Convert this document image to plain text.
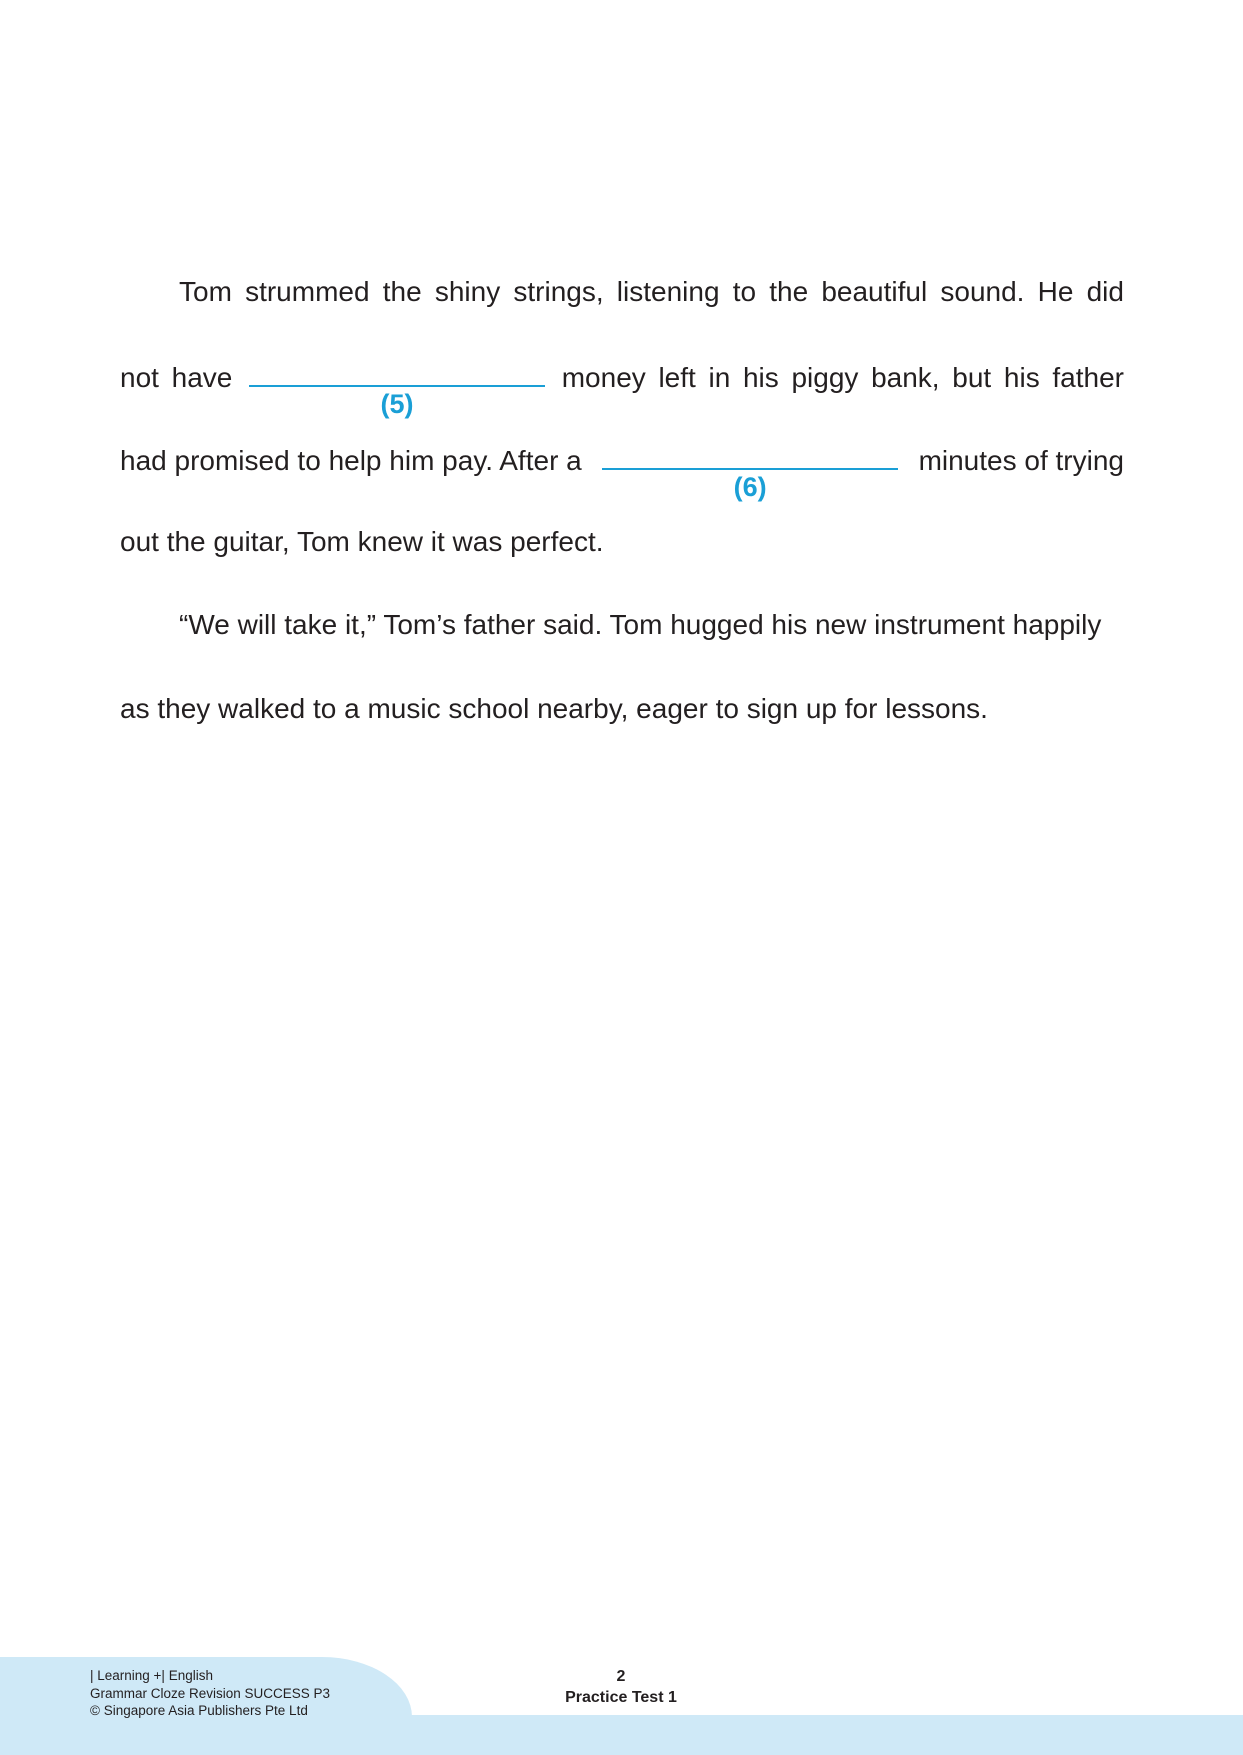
Tom strummed the shiny strings, listening to the beautiful sound. He did
not have
(5)
money left in his piggy bank, but his father
had promised to help him pay. After a
(6)
minutes of trying
out the guitar, Tom knew it was perfect.
“We will take it,” Tom’s father said. Tom hugged his new instrument happily
as they walked to a music school nearby, eager to sign up for lessons.
| Learning +| English
Grammar Cloze Revision SUCCESS P3
© Singapore Asia Publishers Pte Ltd
2
Practice Test 1
